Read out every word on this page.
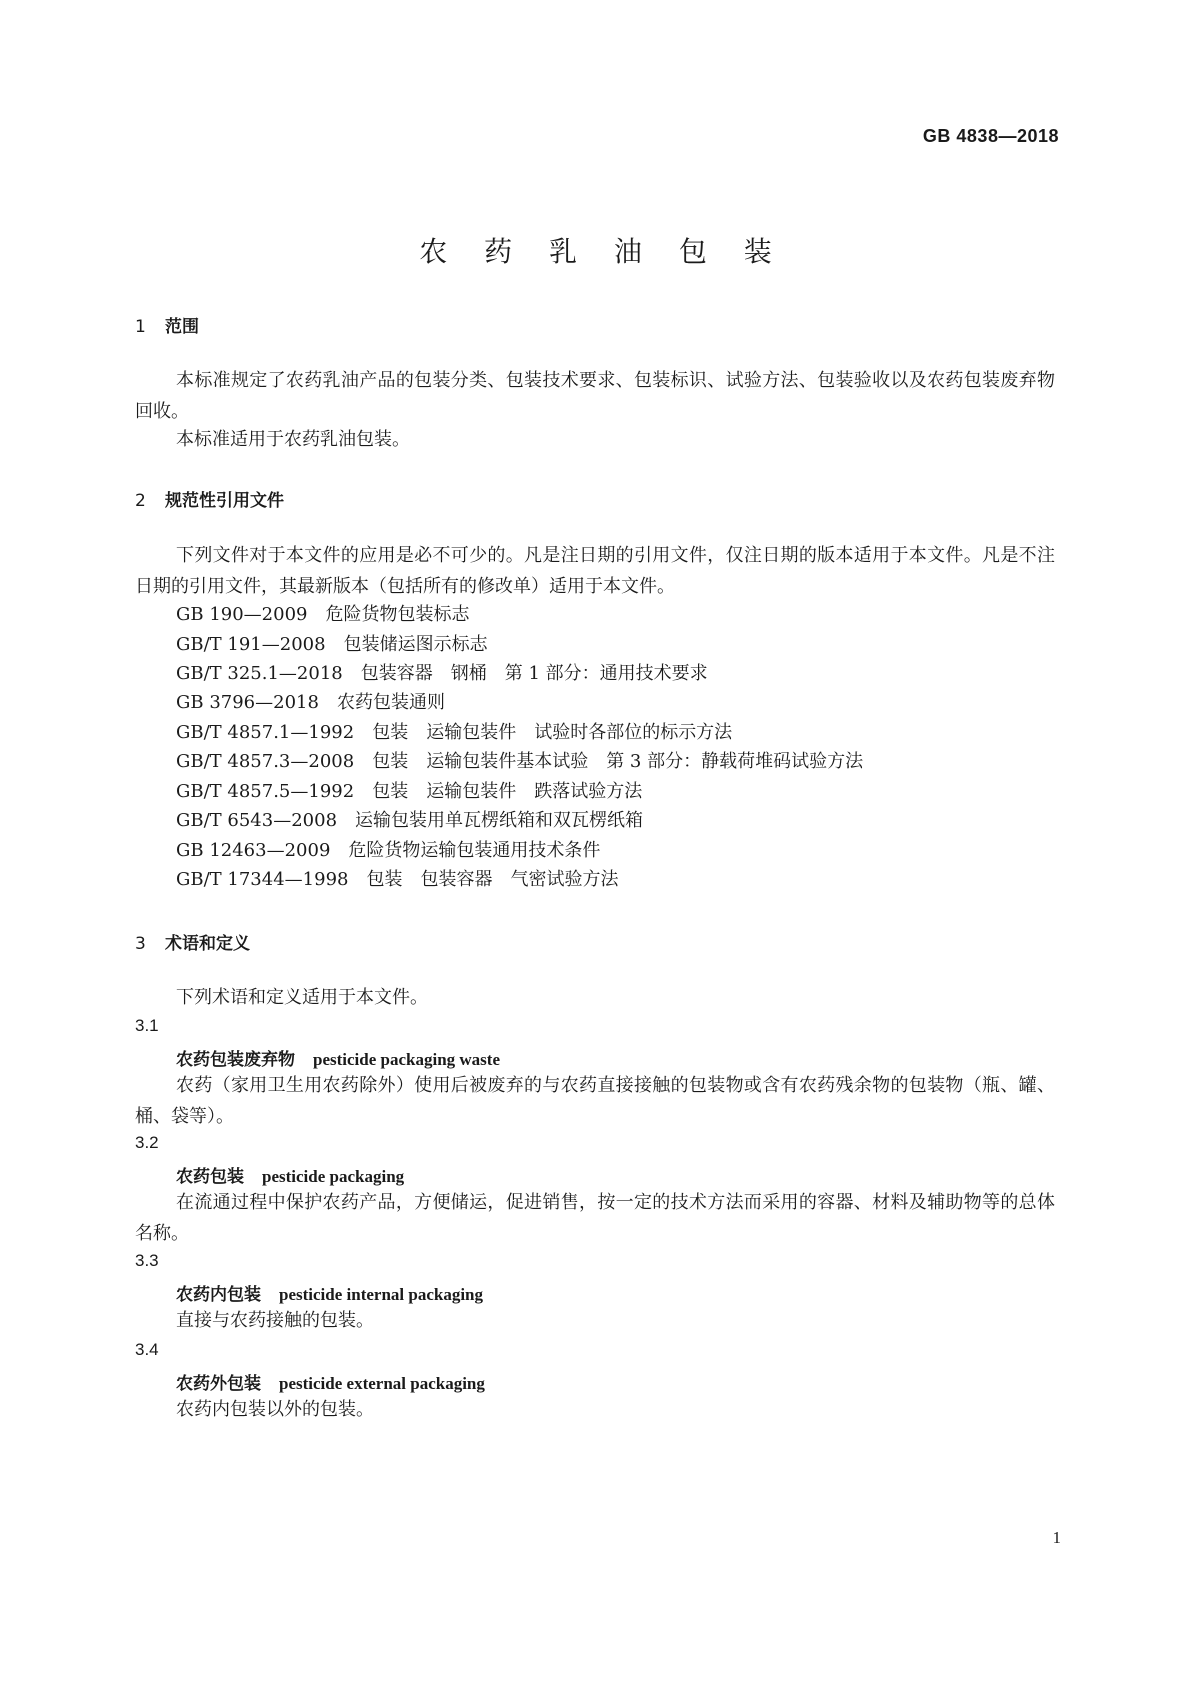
GB 4838—2018
农 药 乳 油 包 装
1 范围
本标准规定了农药乳油产品的包装分类、包装技术要求、包装标识、试验方法、包装验收以及农药包装废弃物回收。
本标准适用于农药乳油包装。
2 规范性引用文件
下列文件对于本文件的应用是必不可少的。凡是注日期的引用文件，仅注日期的版本适用于本文件。凡是不注日期的引用文件，其最新版本（包括所有的修改单）适用于本文件。
GB 190—2009　危险货物包装标志
GB/T 191—2008　包装储运图示标志
GB/T 325.1—2018　包装容器　钢桶　第 1 部分：通用技术要求
GB 3796—2018　农药包装通则
GB/T 4857.1—1992　包装　运输包装件　试验时各部位的标示方法
GB/T 4857.3—2008　包装　运输包装件基本试验　第 3 部分：静载荷堆码试验方法
GB/T 4857.5—1992　包装　运输包装件　跌落试验方法
GB/T 6543—2008　运输包装用单瓦楞纸箱和双瓦楞纸箱
GB 12463—2009　危险货物运输包装通用技术条件
GB/T 17344—1998　包装　包装容器　气密试验方法
3 术语和定义
下列术语和定义适用于本文件。
3.1
农药包装废弃物 pesticide packaging waste
农药（家用卫生用农药除外）使用后被废弃的与农药直接接触的包装物或含有农药残余物的包装物（瓶、罐、桶、袋等）。
3.2
农药包装 pesticide packaging
在流通过程中保护农药产品，方便储运，促进销售，按一定的技术方法而采用的容器、材料及辅助物等的总体名称。
3.3
农药内包装 pesticide internal packaging
直接与农药接触的包装。
3.4
农药外包装 pesticide external packaging
农药内包装以外的包装。
1
